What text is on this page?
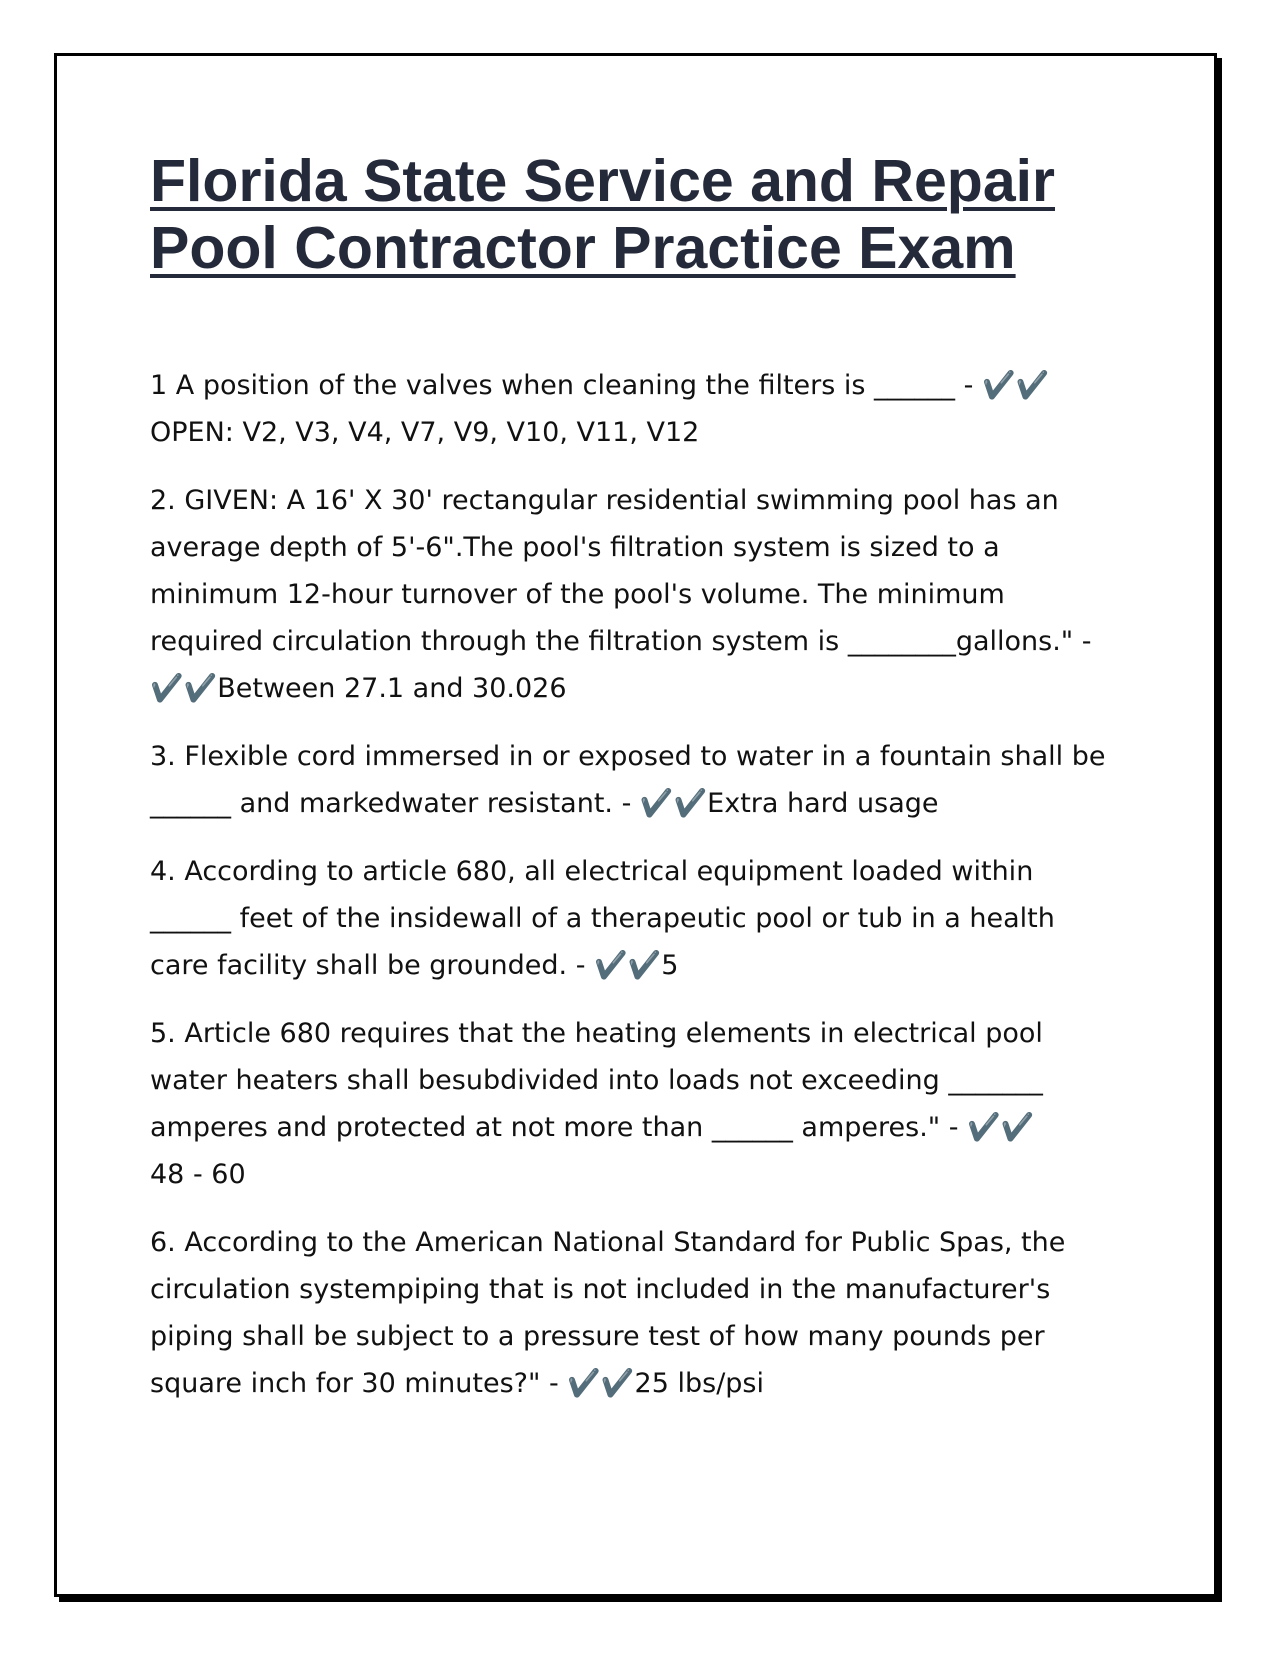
Florida State Service and Repair
Pool Contractor Practice Exam

1 A position of the valves when cleaning the filters is ______ - ✔️✔️
OPEN: V2, V3, V4, V7, V9, V10, V11, V12

2. GIVEN: A 16' X 30' rectangular residential swimming pool has an
average depth of 5'-6".The pool's filtration system is sized to a
minimum 12-hour turnover of the pool's volume. The minimum
required circulation through the filtration system is ________gallons." -
✔️✔️Between 27.1 and 30.026

3. Flexible cord immersed in or exposed to water in a fountain shall be
______ and markedwater resistant. - ✔️✔️Extra hard usage

4. According to article 680, all electrical equipment loaded within
______ feet of the insidewall of a therapeutic pool or tub in a health
care facility shall be grounded. - ✔️✔️5

5. Article 680 requires that the heating elements in electrical pool
water heaters shall besubdivided into loads not exceeding _______
amperes and protected at not more than ______ amperes." - ✔️✔️
48 - 60

6. According to the American National Standard for Public Spas, the
circulation systempiping that is not included in the manufacturer's
piping shall be subject to a pressure test of how many pounds per
square inch for 30 minutes?" - ✔️✔️25 lbs/psi
